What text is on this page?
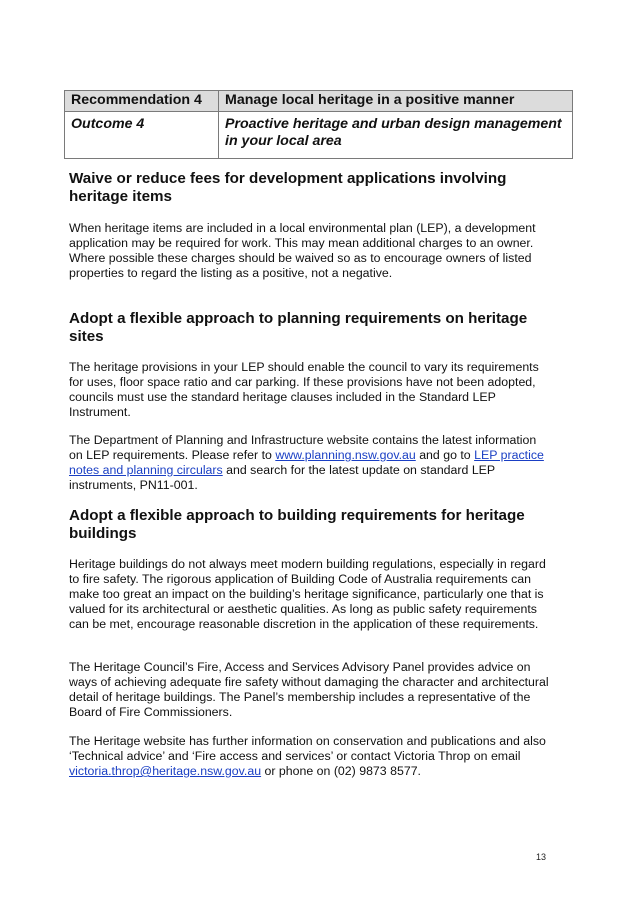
Recommendation 4	Manage local heritage in a positive manner
Outcome 4	Proactive heritage and urban design management in your local area
Waive or reduce fees for development applications involving heritage items

When heritage items are included in a local environmental plan (LEP), a development application may be required for work. This may mean additional charges to an owner. Where possible these charges should be waived so as to encourage owners of listed properties to regard the listing as a positive, not a negative.

Adopt a flexible approach to planning requirements on heritage sites

The heritage provisions in your LEP should enable the council to vary its requirements for uses, floor space ratio and car parking. If these provisions have not been adopted, councils must use the standard heritage clauses included in the Standard LEP Instrument.

The Department of Planning and Infrastructure website contains the latest information on LEP requirements. Please refer to www.planning.nsw.gov.au and go to LEP practice notes and planning circulars and search for the latest update on standard LEP instruments, PN11-001.

Adopt a flexible approach to building requirements for heritage buildings

Heritage buildings do not always meet modern building regulations, especially in regard to fire safety. The rigorous application of Building Code of Australia requirements can make too great an impact on the building’s heritage significance, particularly one that is valued for its architectural or aesthetic qualities. As long as public safety requirements can be met, encourage reasonable discretion in the application of these requirements.

The Heritage Council’s Fire, Access and Services Advisory Panel provides advice on ways of achieving adequate fire safety without damaging the character and architectural detail of heritage buildings. The Panel’s membership includes a representative of the Board of Fire Commissioners.

The Heritage website has further information on conservation and publications and also ‘Technical advice’ and ‘Fire access and services’ or contact Victoria Throp on email victoria.throp@heritage.nsw.gov.au or phone on (02) 9873 8577.

13
